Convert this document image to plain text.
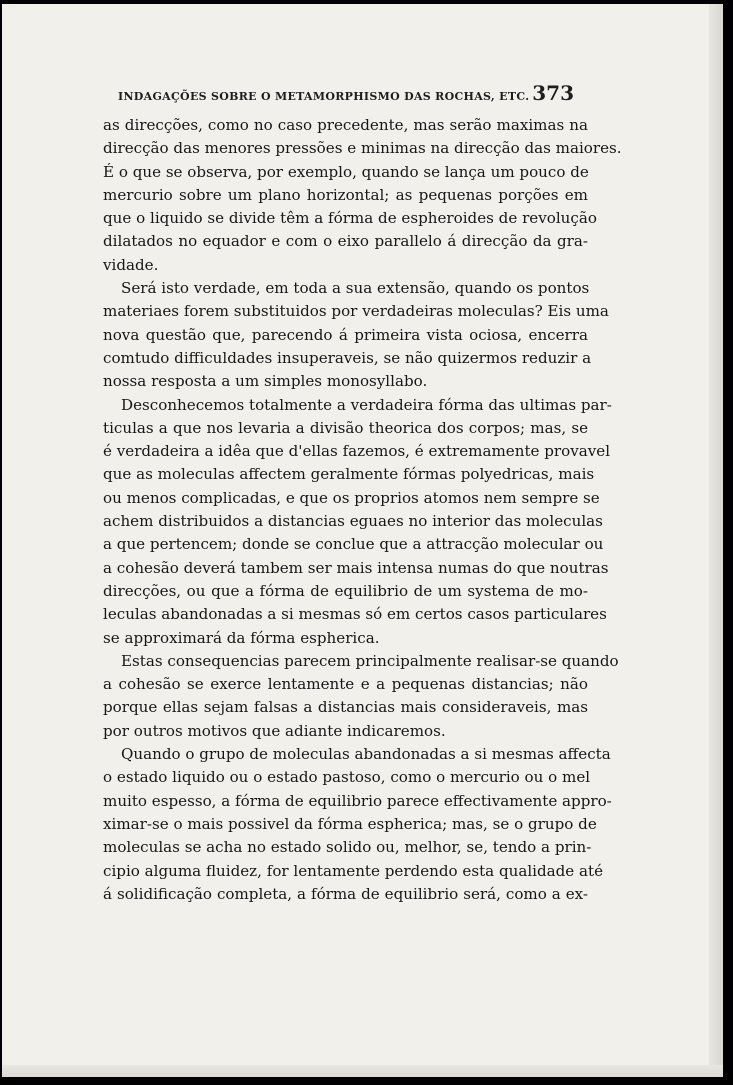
INDAGAÇÕES SOBRE O METAMORPHISMO DAS ROCHAS, ETC. 373

as direcções, como no caso precedente, mas serão maximas na
direcção das menores pressões e minimas na direcção das maiores.
É o que se observa, por exemplo, quando se lança um pouco de
mercurio sobre um plano horizontal; as pequenas porções em
que o liquido se divide têm a fórma de espheroides de revolução
dilatados no equador e com o eixo parallelo á direcção da gra-
vidade.

Será isto verdade, em toda a sua extensão, quando os pontos
materiaes forem substituidos por verdadeiras moleculas? Eis uma
nova questão que, parecendo á primeira vista ociosa, encerra
comtudo difficuldades insuperaveis, se não quizermos reduzir a
nossa resposta a um simples monosyllabo.

Desconhecemos totalmente a verdadeira fórma das ultimas par-
ticulas a que nos levaria a divisão theorica dos corpos; mas, se
é verdadeira a idêa que d'ellas fazemos, é extremamente provavel
que as moleculas affectem geralmente fórmas polyedricas, mais
ou menos complicadas, e que os proprios atomos nem sempre se
achem distribuidos a distancias eguaes no interior das moleculas
a que pertencem; donde se conclue que a attracção molecular ou
a cohesão deverá tambem ser mais intensa numas do que noutras
direcções, ou que a fórma de equilibrio de um systema de mo-
leculas abandonadas a si mesmas só em certos casos particulares
se approximará da fórma espherica.

Estas consequencias parecem principalmente realisar-se quando
a cohesão se exerce lentamente e a pequenas distancias; não
porque ellas sejam falsas a distancias mais consideraveis, mas
por outros motivos que adiante indicaremos.

Quando o grupo de moleculas abandonadas a si mesmas affecta
o estado liquido ou o estado pastoso, como o mercurio ou o mel
muito espesso, a fórma de equilibrio parece effectivamente appro-
ximar-se o mais possivel da fórma espherica; mas, se o grupo de
moleculas se acha no estado solido ou, melhor, se, tendo a prin-
cipio alguma fluidez, for lentamente perdendo esta qualidade até
á solidificação completa, a fórma de equilibrio será, como a ex-
